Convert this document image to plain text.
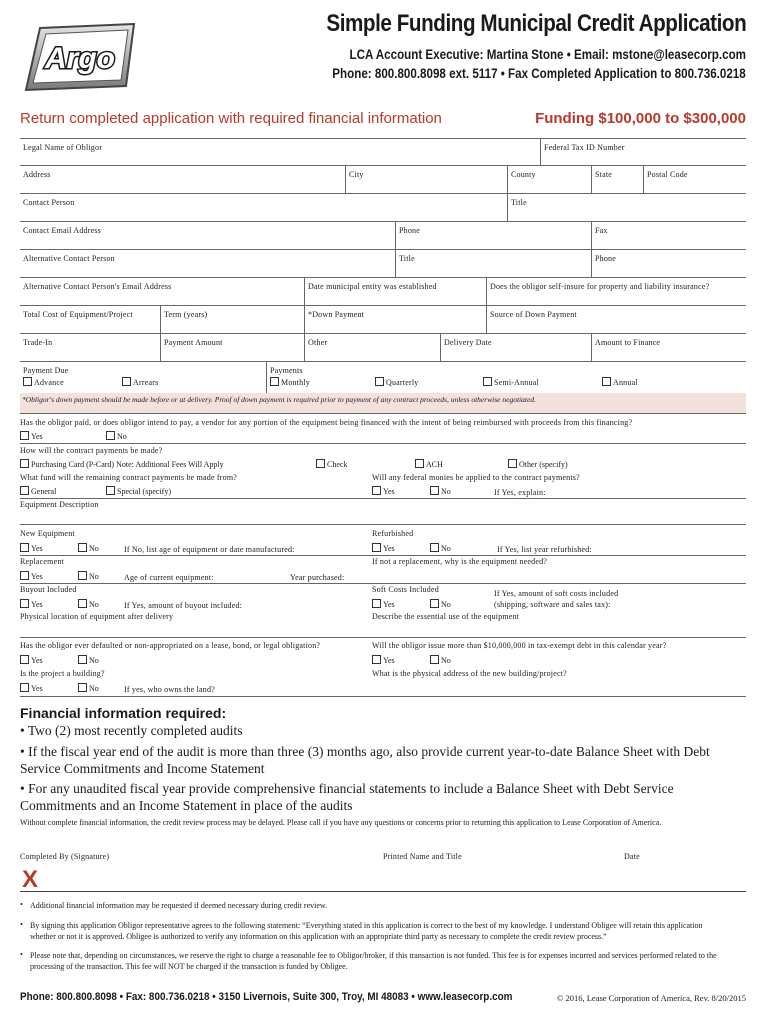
Argo
Simple Funding Municipal Credit Application
LCA Account Executive: Martina Stone • Email: mstone@leasecorp.com
Phone: 800.800.8098 ext. 5117 • Fax Completed Application to 800.736.0218
Return completed application with required financial information	Funding $100,000 to $300,000
Legal Name of Obligor	Federal Tax ID Number
Address	City	County	State	Postal Code
Contact Person	Title
Contact Email Address	Phone	Fax
Alternative Contact Person	Title	Phone
Alternative Contact Person's Email Address	Date municipal entity was established	Does the obligor self-insure for property and liability insurance?
Total Cost of Equipment/Project	Term (years)	*Down Payment	Source of Down Payment
Trade-In	Payment Amount	Other	Delivery Date	Amount to Finance
Payment Due
Advance	Arrears
Payments
Monthly	Quarterly	Semi-Annual	Annual
*Obligor's down payment should be made before or at delivery. Proof of down payment is required prior to payment of any contract proceeds, unless otherwise negotiated.
Has the obligor paid, or does obligor intend to pay, a vendor for any portion of the equipment being financed with the intent of being reimbursed with proceeds from this financing?
Yes	No
How will the contract payments be made?
Purchasing Card (P-Card) Note: Additional Fees Will Apply	Check	ACH	Other (specify)
What fund will the remaining contract payments be made from?	Will any federal monies be applied to the contract payments?
General	Special (specify)	Yes	No	If Yes, explain:
Equipment Description
New Equipment
Yes	No	If No, list age of equipment or date manufactured:
Refurbished
Yes	No	If Yes, list year refurbished:
Replacement
Yes	No	Age of current equipment:	Year purchased:
If not a replacement, why is the equipment needed?
Buyout Included
Yes	No	If Yes, amount of buyout included:
Soft Costs Included
Yes	No
If Yes, amount of soft costs included (shipping, software and sales tax):
Physical location of equipment after delivery	Describe the essential use of the equipment
Has the obligor ever defaulted or non-appropriated on a lease, bond, or legal obligation?
Yes	No
Will the obligor issue more than $10,000,000 in tax-exempt debt in this calendar year?
Yes	No
Is the project a building?	What is the physical address of the new building/project?
Yes	No	If yes, who owns the land?
Financial information required:
• Two (2) most recently completed audits
• If the fiscal year end of the audit is more than three (3) months ago, also provide current year-to-date Balance Sheet with Debt Service Commitments and Income Statement
• For any unaudited fiscal year provide comprehensive financial statements to include a Balance Sheet with Debt Service Commitments and an Income Statement in place of the audits
Without complete financial information, the credit review process may be delayed. Please call if you have any questions or concerns prior to returning this application to Lease Corporation of America.
Completed By (Signature)	Printed Name and Title	Date
X
• Additional financial information may be requested if deemed necessary during credit review.
• By signing this application Obligor representative agrees to the following statement: “Everything stated in this application is correct to the best of my knowledge. I understand Obligee will retain this application whether or not it is approved. Obligee is authorized to verify any information on this application with an appropriate third party as necessary to complete the credit review process.”
• Please note that, depending on circumstances, we reserve the right to charge a reasonable fee to Obligor/broker, if this transaction is not funded. This fee is for expenses incurred and services performed related to the processing of the transaction. This fee will NOT be charged if the transaction is funded by Obligee.
Phone: 800.800.8098 • Fax: 800.736.0218 • 3150 Livernois, Suite 300, Troy, MI 48083 • www.leasecorp.com	© 2016, Lease Corporation of America, Rev. 8/20/2015
